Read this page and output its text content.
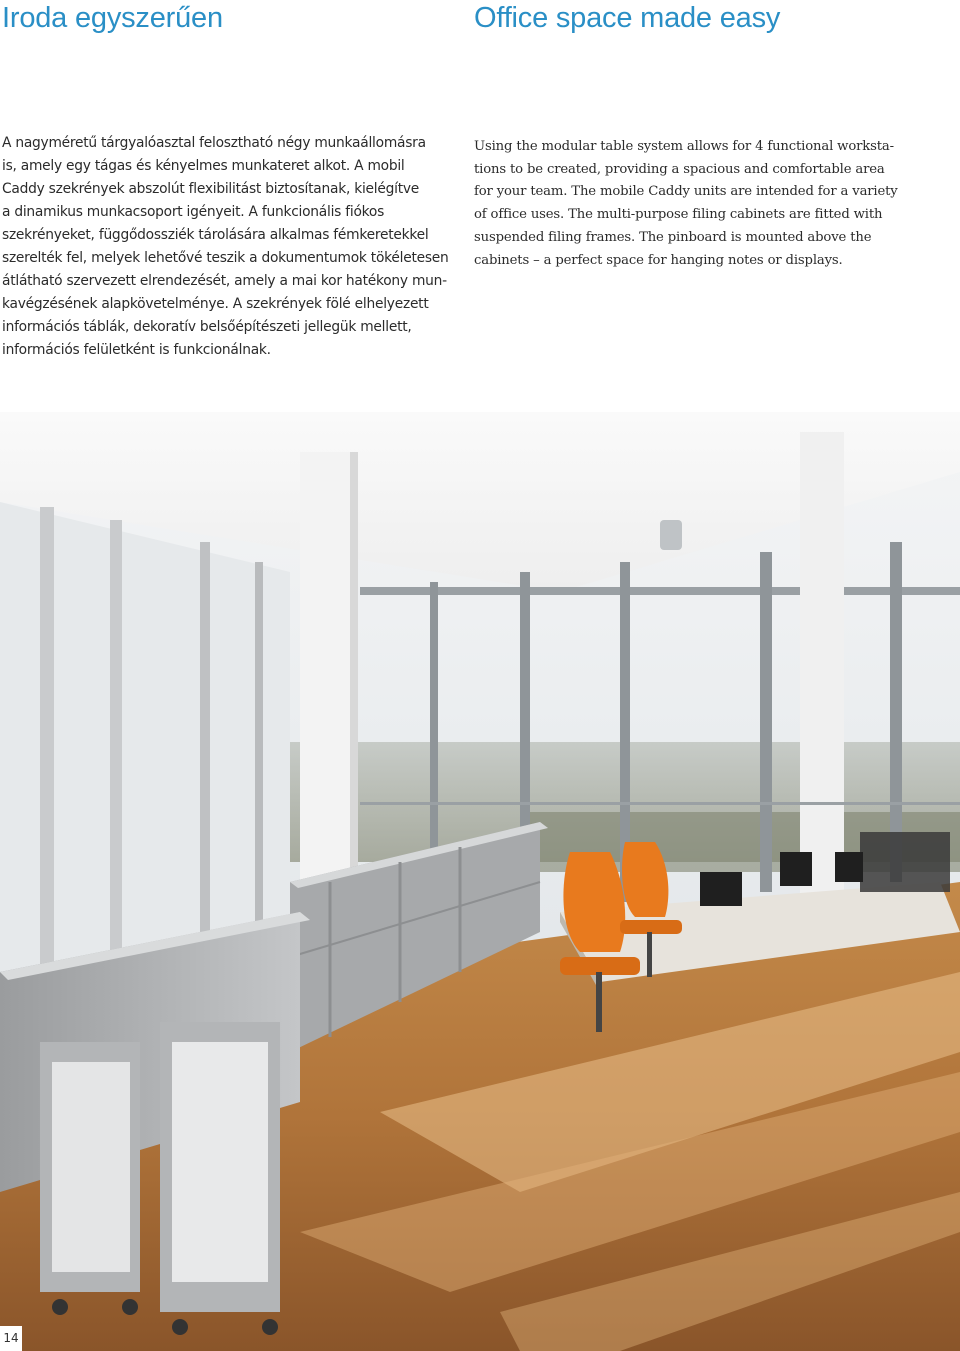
Iroda egyszerűen	Office space made easy
A nagyméretű tárgyalóasztal felosztható négy munkaállomásra
is, amely egy tágas és kényelmes munkateret alkot. A mobil
Caddy szekrények abszolút flexibilitást biztosítanak, kielégítve
a dinamikus munkacsoport igényeit. A funkcionális fiókos
szekrényeket, függődossziék tárolására alkalmas fémkeretekkel
szerelték fel, melyek lehetővé teszik a dokumentumok tökéletesen
átlátható szervezett elrendezését, amely a mai kor hatékony mun-
kavégzésének alapkövetelménye. A szekrények fölé elhelyezett
információs táblák, dekoratív belsőépítészeti jellegük mellett,
információs felületként is funkcionálnak.
Using the modular table system allows for 4 functional worksta-
tions to be created, providing a spacious and comfortable area
for your team. The mobile Caddy units are intended for a variety
of office uses. The multi-purpose filing cabinets are fitted with
suspended filing frames. The pinboard is mounted above the
cabinets – a perfect space for hanging notes or displays.
14
